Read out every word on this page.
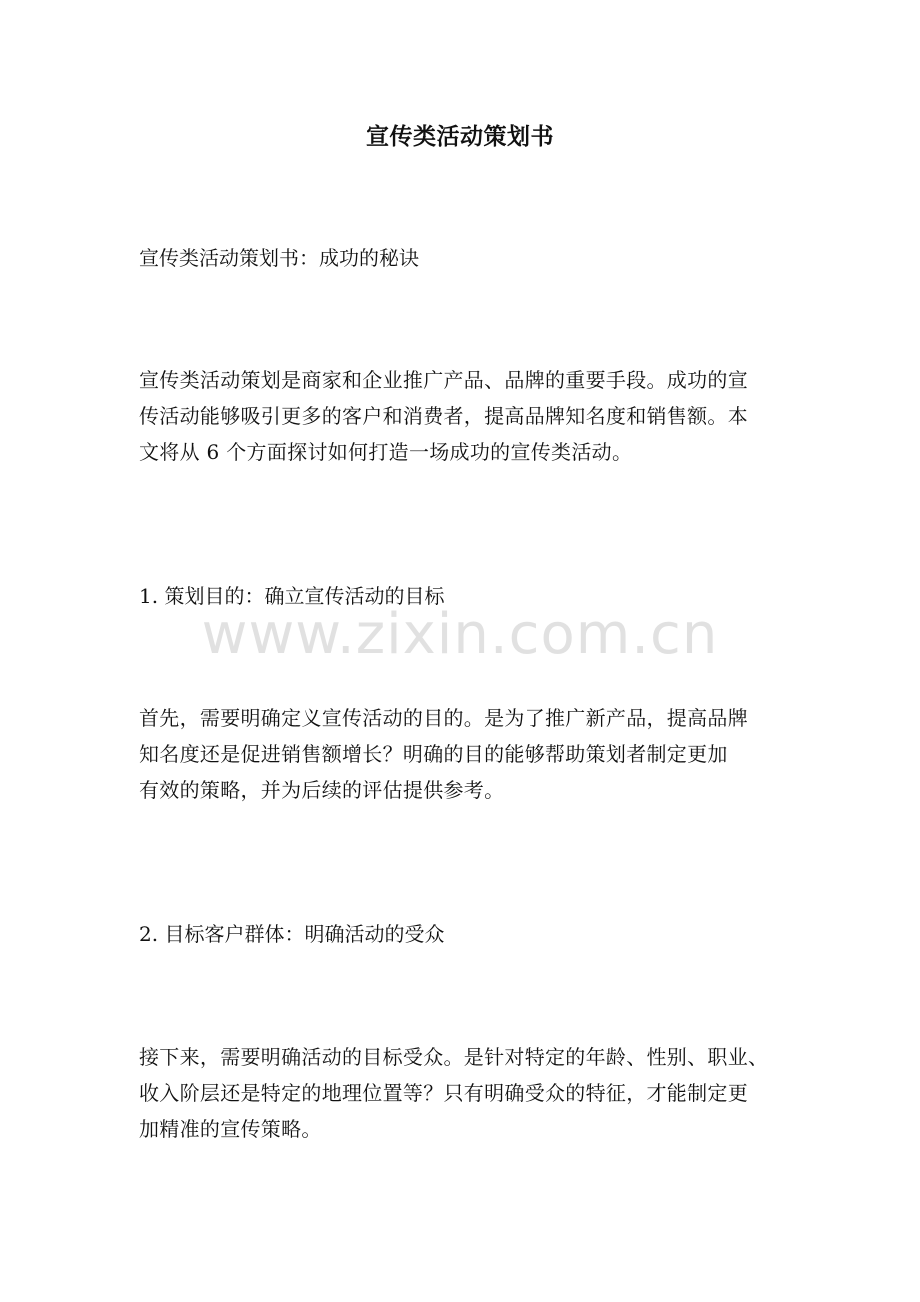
宣传类活动策划书

宣传类活动策划书：成功的秘诀

宣传类活动策划是商家和企业推广产品、品牌的重要手段。成功的宣
传活动能够吸引更多的客户和消费者，提高品牌知名度和销售额。本
文将从 6 个方面探讨如何打造一场成功的宣传类活动。

1. 策划目的：确立宣传活动的目标

首先，需要明确定义宣传活动的目的。是为了推广新产品，提高品牌
知名度还是促进销售额增长？明确的目的能够帮助策划者制定更加
有效的策略，并为后续的评估提供参考。

2. 目标客户群体：明确活动的受众

接下来，需要明确活动的目标受众。是针对特定的年龄、性别、职业、
收入阶层还是特定的地理位置等？只有明确受众的特征，才能制定更
加精准的宣传策略。
www.zixin.com.cn
